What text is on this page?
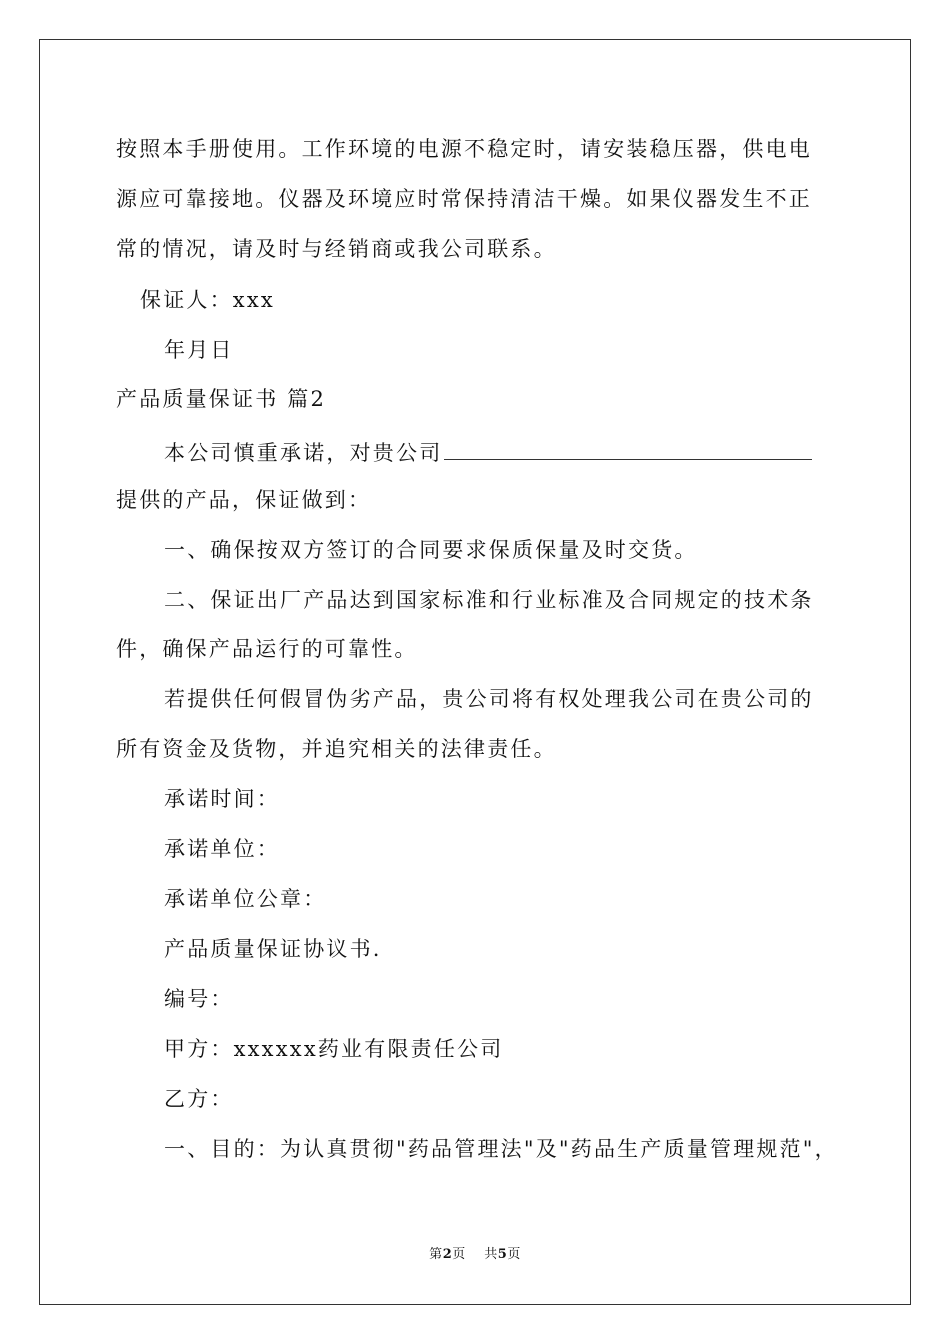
按照本手册使用。工作环境的电源不稳定时，请安装稳压器，供电电
源应可靠接地。仪器及环境应时常保持清洁干燥。如果仪器发生不正
常的情况，请及时与经销商或我公司联系。
保证人：xxx
年月日
产品质量保证书 篇2
本公司慎重承诺，对贵公司
提供的产品，保证做到：
一、确保按双方签订的合同要求保质保量及时交货。
二、保证出厂产品达到国家标准和行业标准及合同规定的技术条
件，确保产品运行的可靠性。
若提供任何假冒伪劣产品，贵公司将有权处理我公司在贵公司的
所有资金及货物，并追究相关的法律责任。
承诺时间：
承诺单位：
承诺单位公章：
产品质量保证协议书.
编号：
甲方：xxxxxx药业有限责任公司
乙方：
一、目的：为认真贯彻"药品管理法"及"药品生产质量管理规范"，
第2页    共5页
